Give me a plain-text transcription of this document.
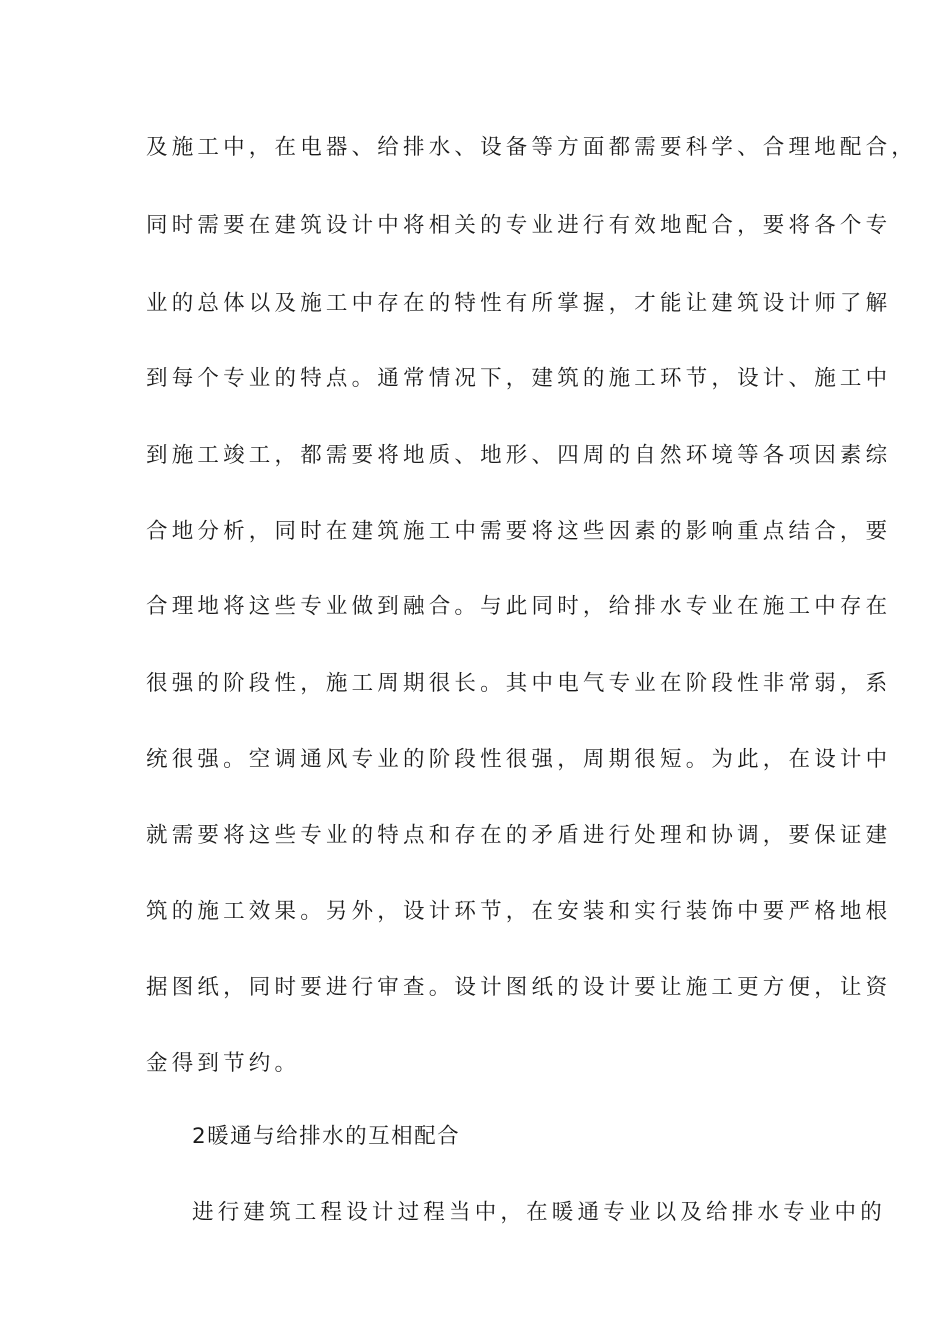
及施工中，在电器、给排水、设备等方面都需要科学、合理地配合，
同时需要在建筑设计中将相关的专业进行有效地配合，要将各个专
业的总体以及施工中存在的特性有所掌握，才能让建筑设计师了解
到每个专业的特点。通常情况下，建筑的施工环节，设计、施工中
到施工竣工，都需要将地质、地形、四周的自然环境等各项因素综
合地分析，同时在建筑施工中需要将这些因素的影响重点结合，要
合理地将这些专业做到融合。与此同时，给排水专业在施工中存在
很强的阶段性，施工周期很长。其中电气专业在阶段性非常弱，系
统很强。空调通风专业的阶段性很强，周期很短。为此，在设计中
就需要将这些专业的特点和存在的矛盾进行处理和协调，要保证建
筑的施工效果。另外，设计环节，在安装和实行装饰中要严格地根
据图纸，同时要进行审查。设计图纸的设计要让施工更方便，让资
金得到节约。
2暖通与给排水的互相配合
进行建筑工程设计过程当中，在暖通专业以及给排水专业中的
